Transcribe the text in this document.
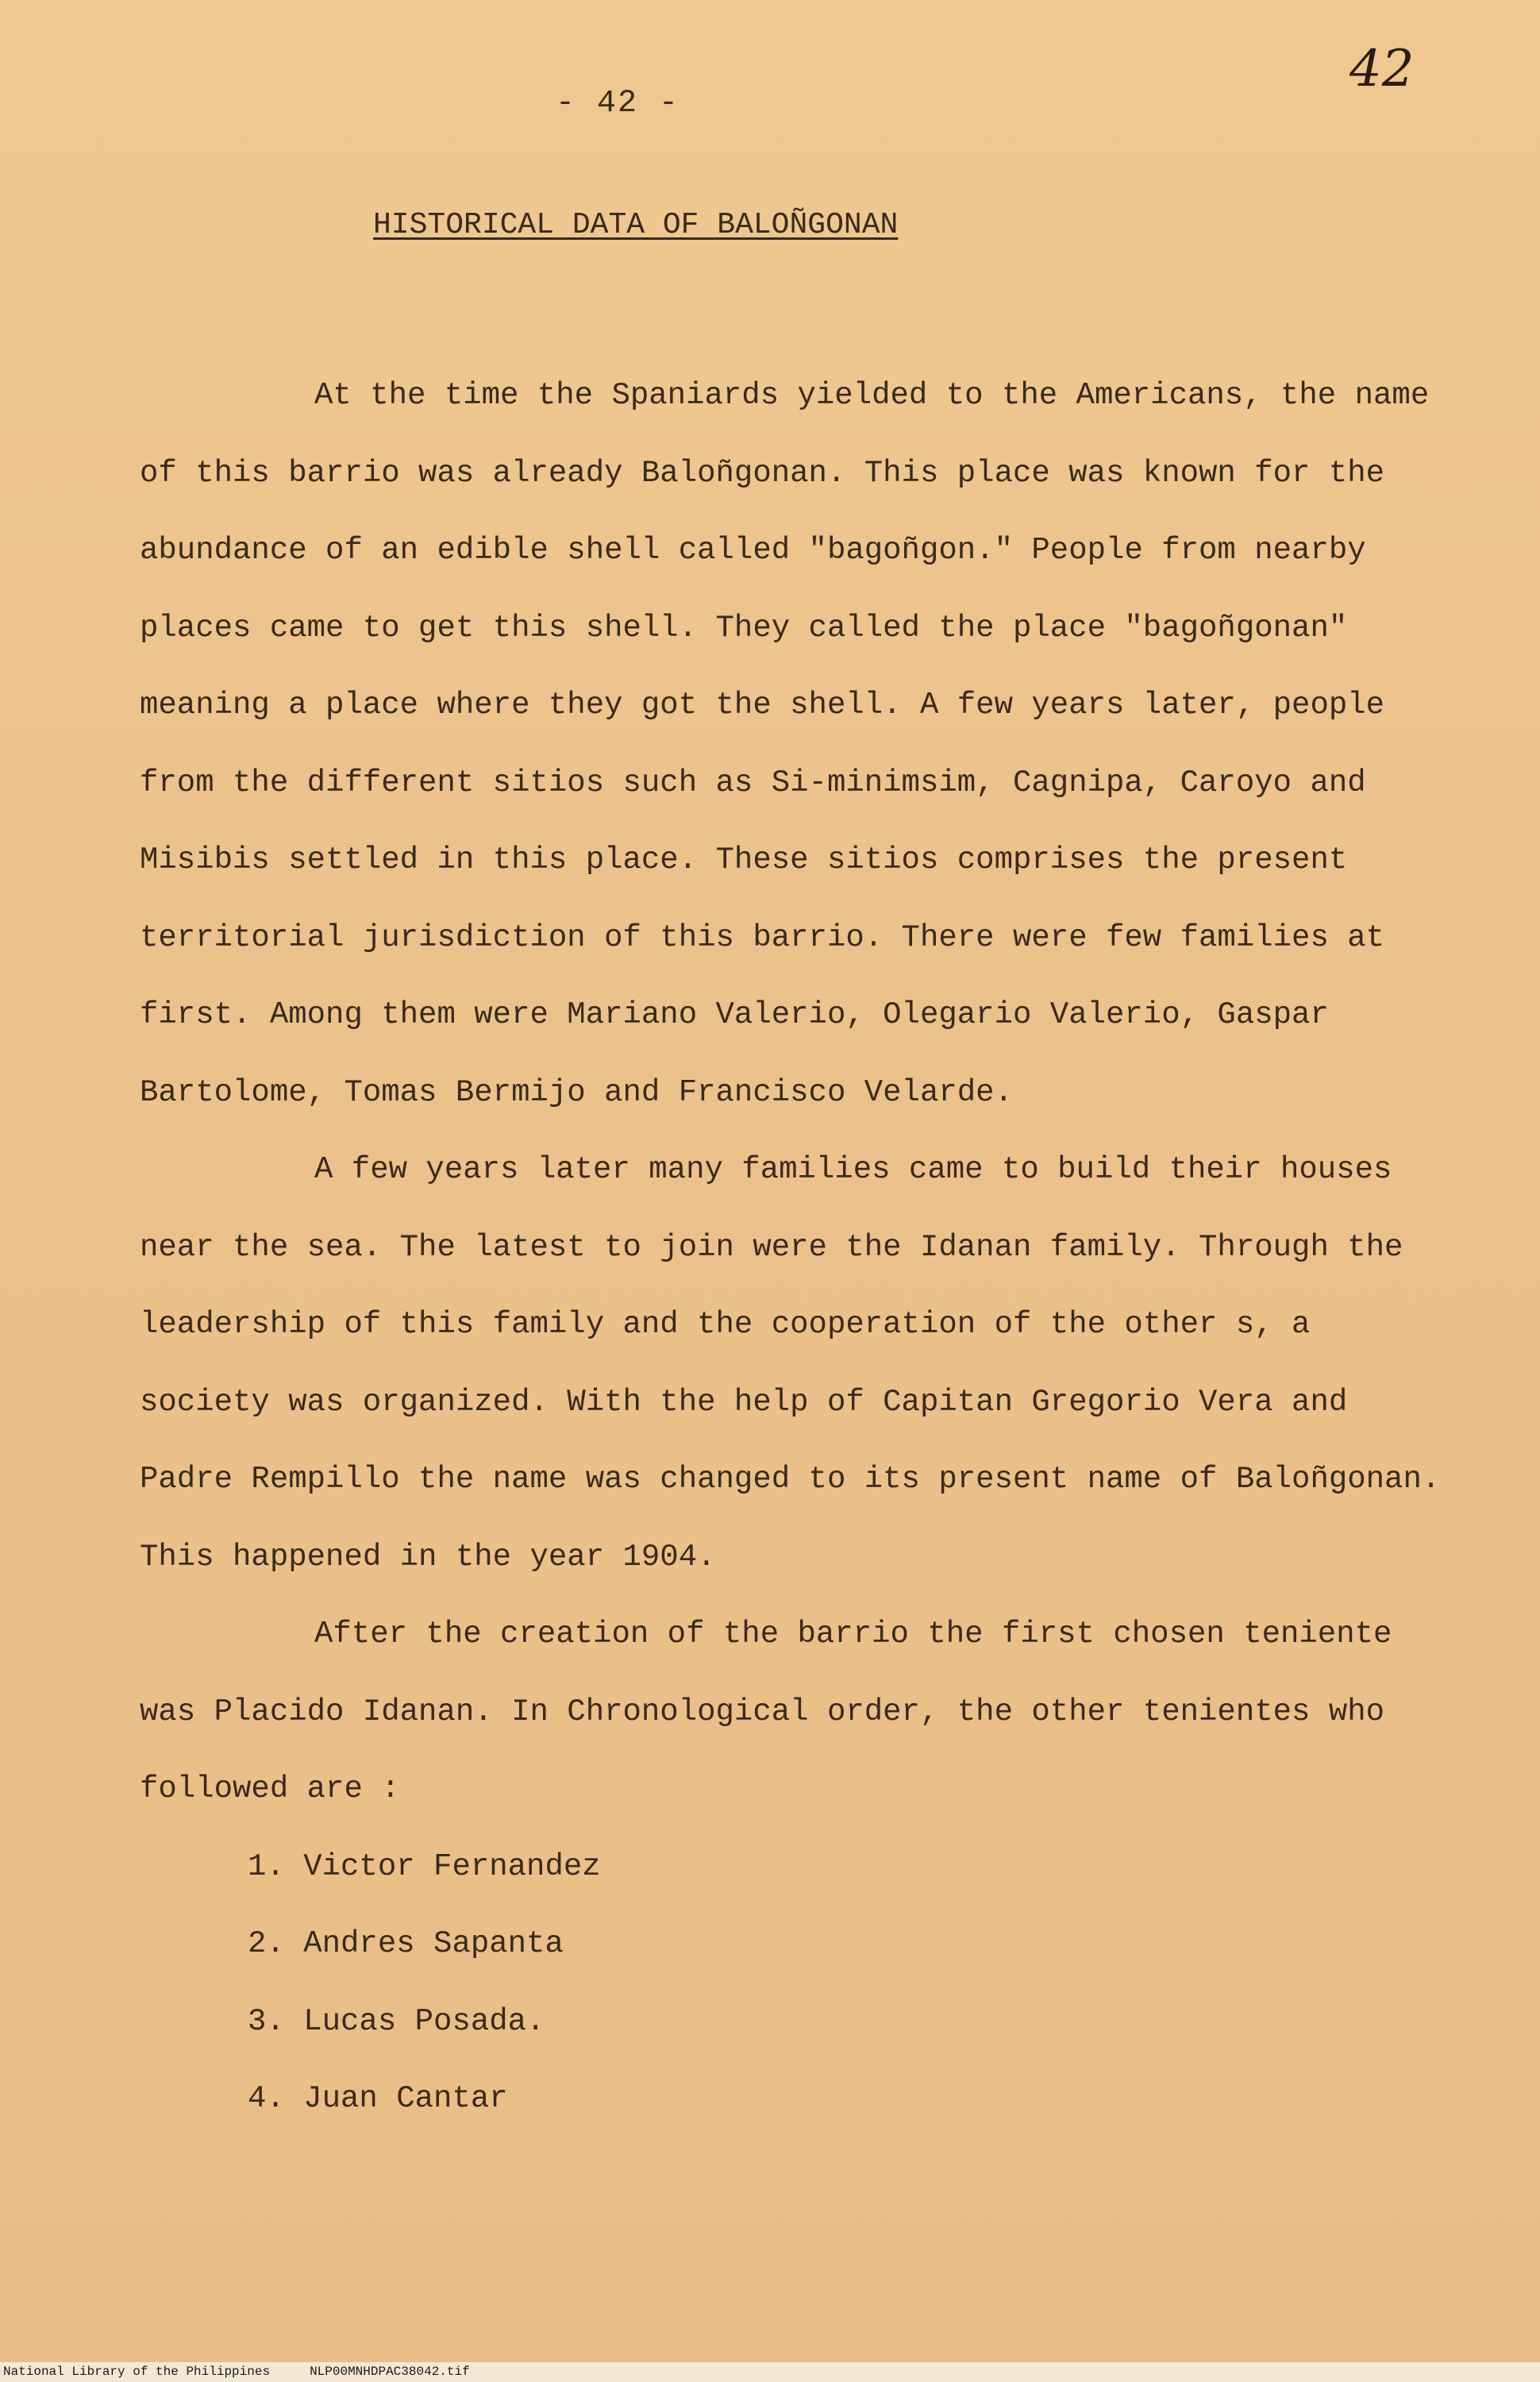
- 42 -
42
HISTORICAL DATA OF BALOÑGONAN

At the time the Spaniards yielded to the Americans, the name of this barrio was already Baloñgonan. This place was known for the abundance of an edible shell called "bagoñgon." People from nearby places came to get this shell. They called the place "bagoñgonan" meaning a place where they got the shell. A few years later, people from the different sitios such as Si-minimsim, Cagnipa, Caroyo and Misibis settled in this place. These sitios comprises the present territorial jurisdiction of this barrio. There were few families at first. Among them were Mariano Valerio, Olegario Valerio, Gaspar Bartolome, Tomas Bermijo and Francisco Velarde.

A few years later many families came to build their houses near the sea. The latest to join were the Idanan family. Through the leadership of this family and the cooperation of the other s, a society was organized. With the help of Capitan Gregorio Vera and Padre Rempillo the name was changed to its present name of Baloñgonan. This happened in the year 1904.

After the creation of the barrio the first chosen teniente was Placido Idanan. In Chronological order, the other tenientes who followed are :

1. Victor Fernandez
2. Andres Sapanta
3. Lucas Posada.
4. Juan Cantar
National Library of the Philippines	NLP00MNHDPAC38042.tif
